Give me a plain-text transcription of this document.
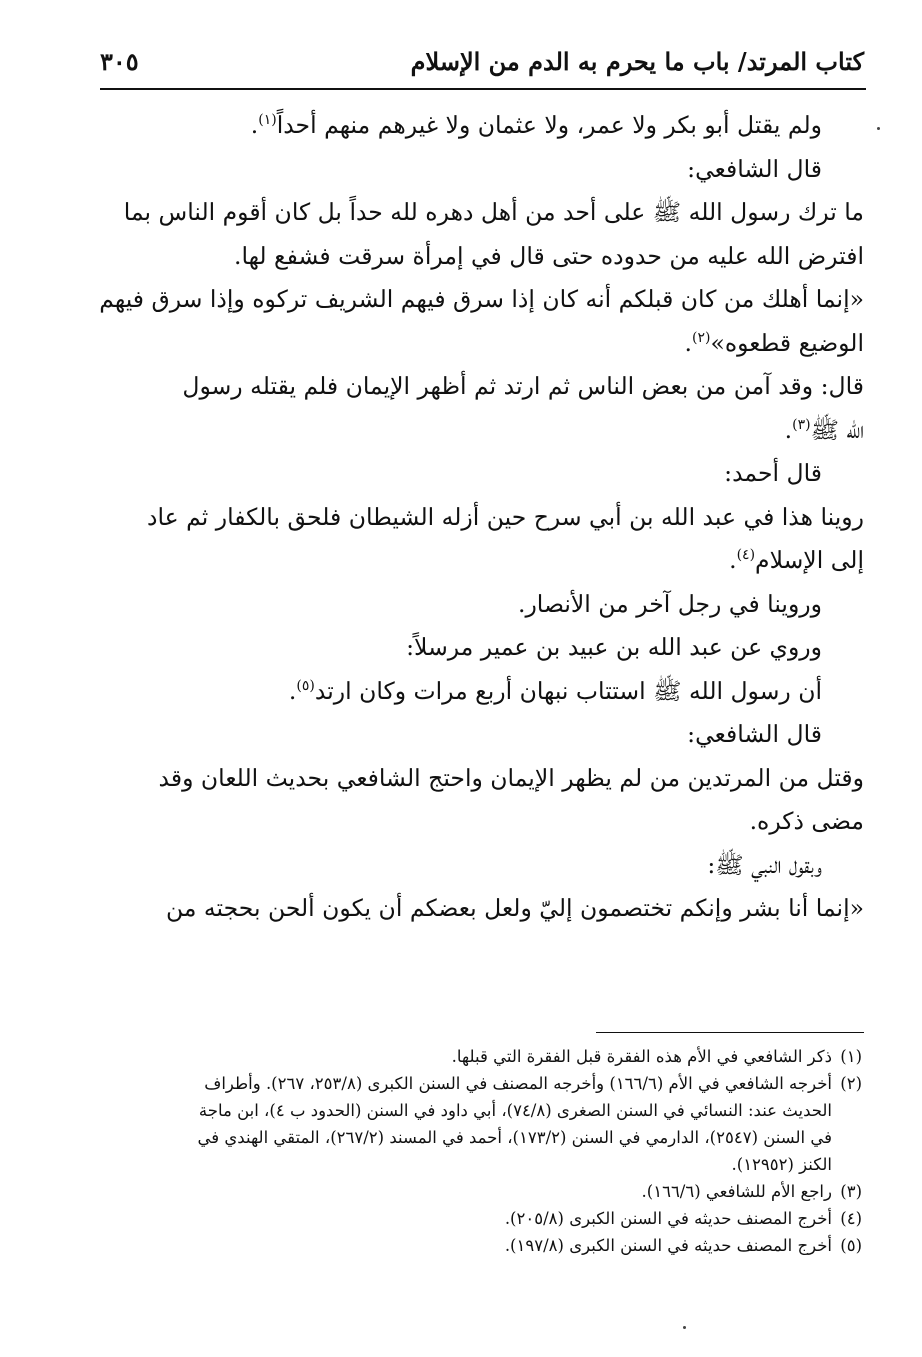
كتاب المرتد/ باب ما يحرم به الدم من الإسلام
٣٠٥
ولم يقتل أبو بكر ولا عمر، ولا عثمان ولا غيرهم منهم أحداً$^{(١)}$.
قال الشافعي:
ما ترك رسول الله ﷺ على أحد من أهل دهره لله حداً بل كان أقوم الناس بما
افترض الله عليه من حدوده حتى قال في إمرأة سرقت فشفع لها.
«إنما أهلك من كان قبلكم أنه كان إذا سرق فيهم الشريف تركوه وإذا سرق فيهم
الوضيع قطعوه»$^{(٢)}$.
قال: وقد آمن من بعض الناس ثم ارتد ثم أظهر الإيمان فلم يقتله رسول
الله ﷺ$^{(٣)}$.
قال أحمد:
روينا هذا في عبد الله بن أبي سرح حين أزله الشيطان فلحق بالكفار ثم عاد
إلى الإسلام$^{(٤)}$.
وروينا في رجل آخر من الأنصار.
وروي عن عبد الله بن عبيد بن عمير مرسلاً:
أن رسول الله ﷺ استتاب نبهان أربع مرات وكان ارتد$^{(٥)}$.
قال الشافعي:
وقتل من المرتدين من لم يظهر الإيمان واحتج الشافعي بحديث اللعان وقد
مضى ذكره.
وبقول النبي ﷺ:
«إنما أنا بشر وإنكم تختصمون إليّ ولعل بعضكم أن يكون ألحن بحجته من
(١)ذكر الشافعي في الأم هذه الفقرة قبل الفقرة التي قبلها.
(٢)أخرجه الشافعي في الأم (١٦٦/٦) وأخرجه المصنف في السنن الكبرى (٢٥٣/٨، ٢٦٧). وأطراف
الحديث عند: النسائي في السنن الصغرى (٧٤/٨)، أبي داود في السنن (الحدود ب ٤)، ابن ماجة
في السنن (٢٥٤٧)، الدارمي في السنن (١٧٣/٢)، أحمد في المسند (٢٦٧/٢)، المتقي الهندي في
الكنز (١٢٩٥٢).
(٣)راجع الأم للشافعي (١٦٦/٦).
(٤)أخرج المصنف حديثه في السنن الكبرى (٢٠٥/٨).
(٥)أخرج المصنف حديثه في السنن الكبرى (١٩٧/٨).
